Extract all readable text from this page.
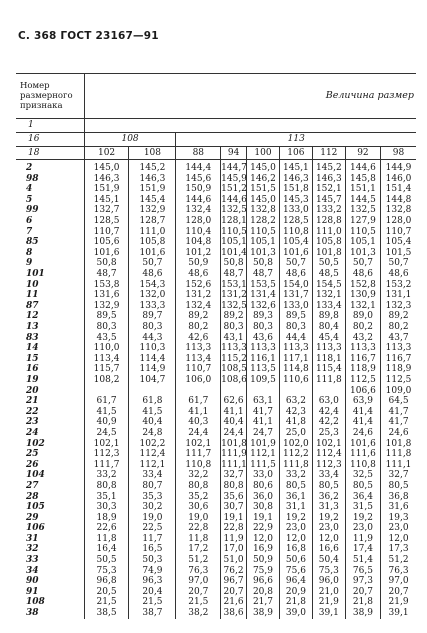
С. 368 ГОСТ 23167—91
Номер размерного признака	Величина размер								
1									
16	108		113						
18	102	108	88	94	100	106	112	92	98
2	145,0	145,2	144,4	144,7	145,0	145,1	145,2	144,6	144,9
98	146,3	146,3	145,6	145,9	146,2	146,3	146,3	145,8	146,0
4	151,9	151,9	150,9	151,2	151,5	151,8	152,1	151,1	151,4
5	145,1	145,4	144,6	144,6	145,0	145,3	145,7	144,5	144,8
99	132,7	132,9	132,4	132,5	132,8	133,0	133,2	132,5	132,8
6	128,5	128,7	128,0	128,1	128,2	128,5	128,8	127,9	128,0
7	110,7	111,0	110,4	110,5	110,5	110,8	111,0	110,5	110,7
85	105,6	105,8	104,8	105,1	105,1	105,4	105,8	105,1	105,4
8	101,6	101,6	101,2	101,4	101,3	101,6	101,8	101,3	101,5
9	50,8	50,7	50,9	50,8	50,8	50,7	50,5	50,7	50,7
101	48,7	48,6	48,6	48,7	48,7	48,6	48,5	48,6	48,6
10	153,8	154,3	152,6	153,1	153,5	154,0	154,5	152,8	153,2
11	131,6	132,0	131,2	131,2	131,4	131,7	132,1	130,9	131,1
87	132,9	133,3	132,4	132,5	132,6	133,0	133,4	132,1	132,3
12	89,5	89,7	89,2	89,2	89,3	89,5	89,8	89,0	89,2
13	80,3	80,3	80,2	80,3	80,3	80,3	80,4	80,2	80,2
83	43,5	44,3	42,6	43,1	43,6	44,4	45,4	43,2	43,7
14	110,0	110,3	113,3	113,3	113,3	113,3	113,3	113,3	113,3
15	113,4	114,4	113,4	115,2	116,1	117,1	118,1	116,7	116,7
16	115,7	114,9	110,7	108,5	113,5	114,8	115,4	118,9	118,9
19	108,2	104,7	106,0	108,6	109,5	110,6	111,8	112,5	112,5
20								106,6	109,0
21	61,7	61,8	61,7	62,6	63,1	63,2	63,0	63,9	64,5
22	41,5	41,5	41,1	41,1	41,7	42,3	42,4	41,4	41,7
23	40,9	40,4	40,3	40,4	41,1	41,8	42,2	41,4	41,7
24	24,5	24,8	24,4	24,4	24,7	25,0	25,3	24,6	24,6
102	102,1	102,2	102,1	101,8	101,9	102,0	102,1	101,6	101,8
25	112,3	112,4	111,7	111,9	112,1	112,2	112,4	111,6	111,8
26	111,7	112,1	110,8	111,1	111,5	111,8	112,3	110,8	111,1
104	33,2	33,4	32,2	32,7	33,0	33,2	33,4	32,5	32,7
27	80,8	80,7	80,8	80,8	80,6	80,5	80,5	80,5	80,5
28	35,1	35,3	35,2	35,6	36,0	36,1	36,2	36,4	36,8
105	30,3	30,2	30,6	30,7	30,8	31,1	31,3	31,5	31,6
29	18,9	19,0	19,0	19,1	19,1	19,2	19,2	19,2	19,3
106	22,6	22,5	22,8	22,8	22,9	23,0	23,0	23,0	23,0
31	11,8	11,7	11,8	11,9	12,0	12,0	12,0	11,9	12,0
32	16,4	16,5	17,2	17,0	16,9	16,8	16,6	17,4	17,3
33	50,5	50,3	51,2	51,0	50,9	50,6	50,4	51,4	51,2
34	75,3	74,9	76,3	76,2	75,9	75,6	75,3	76,5	76,3
90	96,8	96,3	97,0	96,7	96,6	96,4	96,0	97,3	97,0
91	20,5	20,4	20,7	20,7	20,8	20,9	21,0	20,7	20,7
108	21,5	21,5	21,5	21,6	21,7	21,8	21,9	21,8	21,9
38	38,5	38,7	38,2	38,6	38,9	39,0	39,1	38,9	39,1
